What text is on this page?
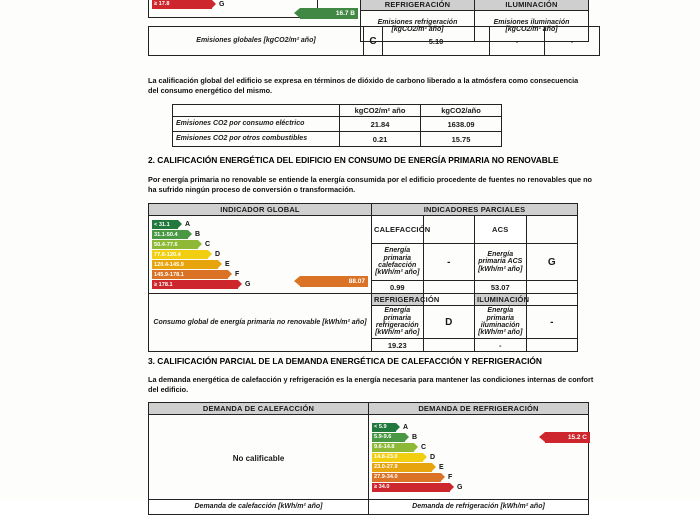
≥ 17.8	G
16.7 B
REFRIGERACIÓN	ILUMINACIÓN
Emisiones refrigeración [kgCO2/m² año]	Emisiones iluminación [kgCO2/m² año]
Emisiones globales [kgCO2/m² año]	C	5.10	-	-

La calificación global del edificio se expresa en términos de dióxido de carbono liberado a la atmósfera como consecuencia del consumo energético del mismo.

	kgCO2/m² año	kgCO2/año
Emisiones CO2 por consumo eléctrico	21.84	1638.09
Emisiones CO2 por otros combustibles	0.21	15.75
2. CALIFICACIÓN ENERGÉTICA DEL EDIFICIO EN CONSUMO DE ENERGÍA PRIMARIA NO RENOVABLE

Por energía primaria no renovable se entiende la energía consumida por el edificio procedente de fuentes no renovables que no ha sufrido ningún proceso de conversión o transformación.

INDICADOR GLOBAL	INDICADORES PARCIALES			

< 31.1 A
31.1-50.4 B
50.4-77.6	C
77.6-120.4	D
120.4-145.9	E
145.9-178.1	F
≥ 178.1	G
	CALEFACCIÓN		ACS	
	Energía primaria calefacción [kWh/m² año]	-	Energía primaria ACS [kWh/m² año]	G
	0.99		53.07	
Consumo global de energía primaria no renovable [kWh/m² año]	REFRIGERACIÓN		ILUMINACIÓN	
	Energía primaria refrigeración [kWh/m² año]	D	Energía primaria iluminación [kWh/m² año]	-
	19.23		-	
88.07
3. CALIFICACIÓN PARCIAL DE LA DEMANDA ENERGÉTICA DE CALEFACCIÓN Y REFRIGERACIÓN

La demanda energética de calefacción y refrigeración es la energía necesaria para mantener las condiciones internas de confort del edificio.

DEMANDA DE CALEFACCIÓN	DEMANDA DE REFRIGERACIÓN
No calificable	
< 5.9 A
5.9-9.6	B
9.6-14.8	C
14.8-23.0	D
23.0-27.9	E
27.9-34.0	F
≥ 34.0	G

Demanda de calefacción [kWh/m² año]	Demanda de refrigeración [kWh/m² año]
15.2 C
